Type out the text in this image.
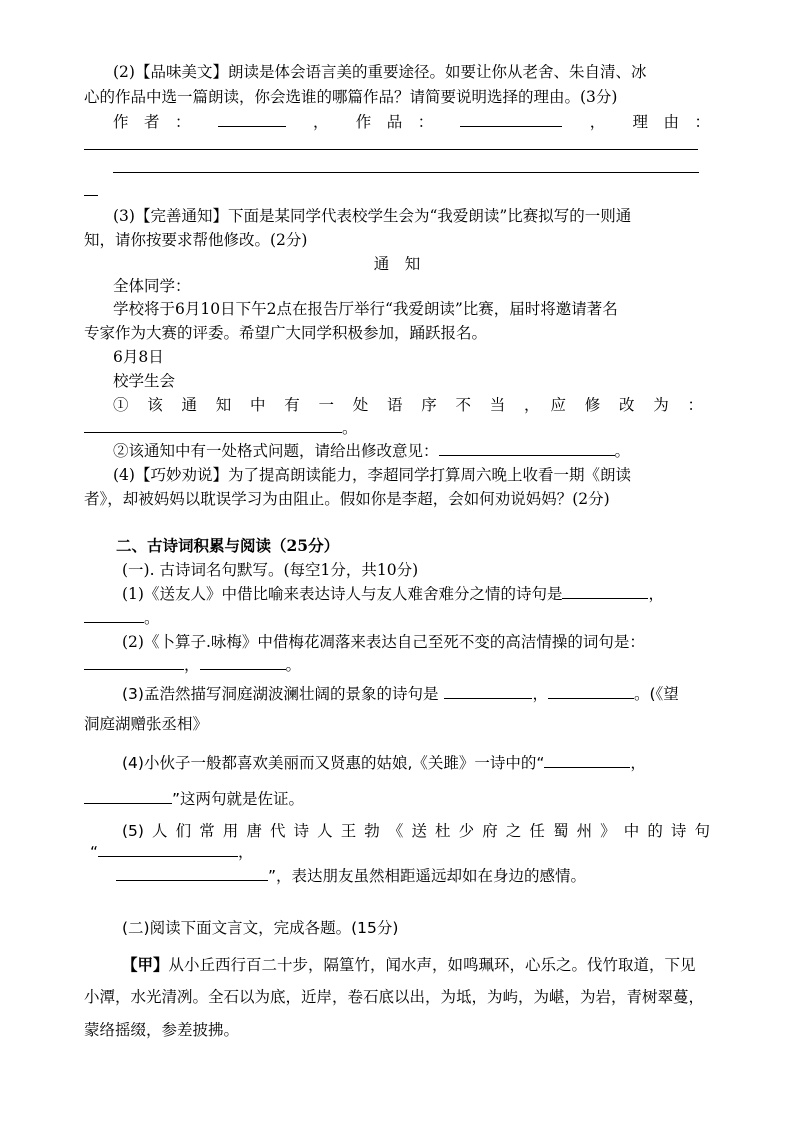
(2)【品味美文】朗读是体会语言美的重要途径。如要让你从老舍、朱自清、冰
心的作品中选一篇朗读，你会选谁的哪篇作品？请简要说明选择的理由。(3分)
作　者　：	， 作　品　：	， 理　由　：
(3)【完善通知】下面是某同学代表校学生会为“我爱朗读”比赛拟写的一则通
知，请你按要求帮他修改。(2分)
通　知
全体同学：
学校将于6月10日下午2点在报告厅举行“我爱朗读”比赛，届时将邀请著名
专家作为大赛的评委。希望广大同学积极参加，踊跃报名。
6月8日
校学生会
①　该　通　知　中　有　一　处　语　序　不　当　，　应　修　改　为　：
。
②该通知中有一处格式问题，请给出修改意见：	。
(4)【巧妙劝说】为了提高朗读能力，李超同学打算周六晚上收看一期《朗读
者》，却被妈妈以耽误学习为由阻止。假如你是李超，会如何劝说妈妈？(2分)
二、古诗词积累与阅读（25分）
(一). 古诗词名句默写。(每空1分，共10分)
(1)《送友人》中借比喻来表达诗人与友人难舍难分之情的诗句是	，
。
(2)《卜算子.咏梅》中借梅花凋落来表达自己至死不变的高洁情操的词句是：
，	。
(3)孟浩然描写洞庭湖波澜壮阔的景象的诗句是	，	。(《望
洞庭湖赠张丞相》
(4)小伙子一般都喜欢美丽而又贤惠的姑娘,《关雎》一诗中的“	，
”这两句就是佐证。
(5)人们常用唐代诗人王勃《送杜少府之任蜀州》中的诗句
“	，
”，表达朋友虽然相距遥远却如在身边的感情。
(二)阅读下面文言文，完成各题。(15分)
【甲】从小丘西行百二十步，隔篁竹，闻水声，如鸣珮环，心乐之。伐竹取道，下见
小潭，水光清冽。全石以为底，近岸，卷石底以出，为坻，为屿，为嵁，为岩，青树翠蔓，
蒙络摇缀，参差披拂。
